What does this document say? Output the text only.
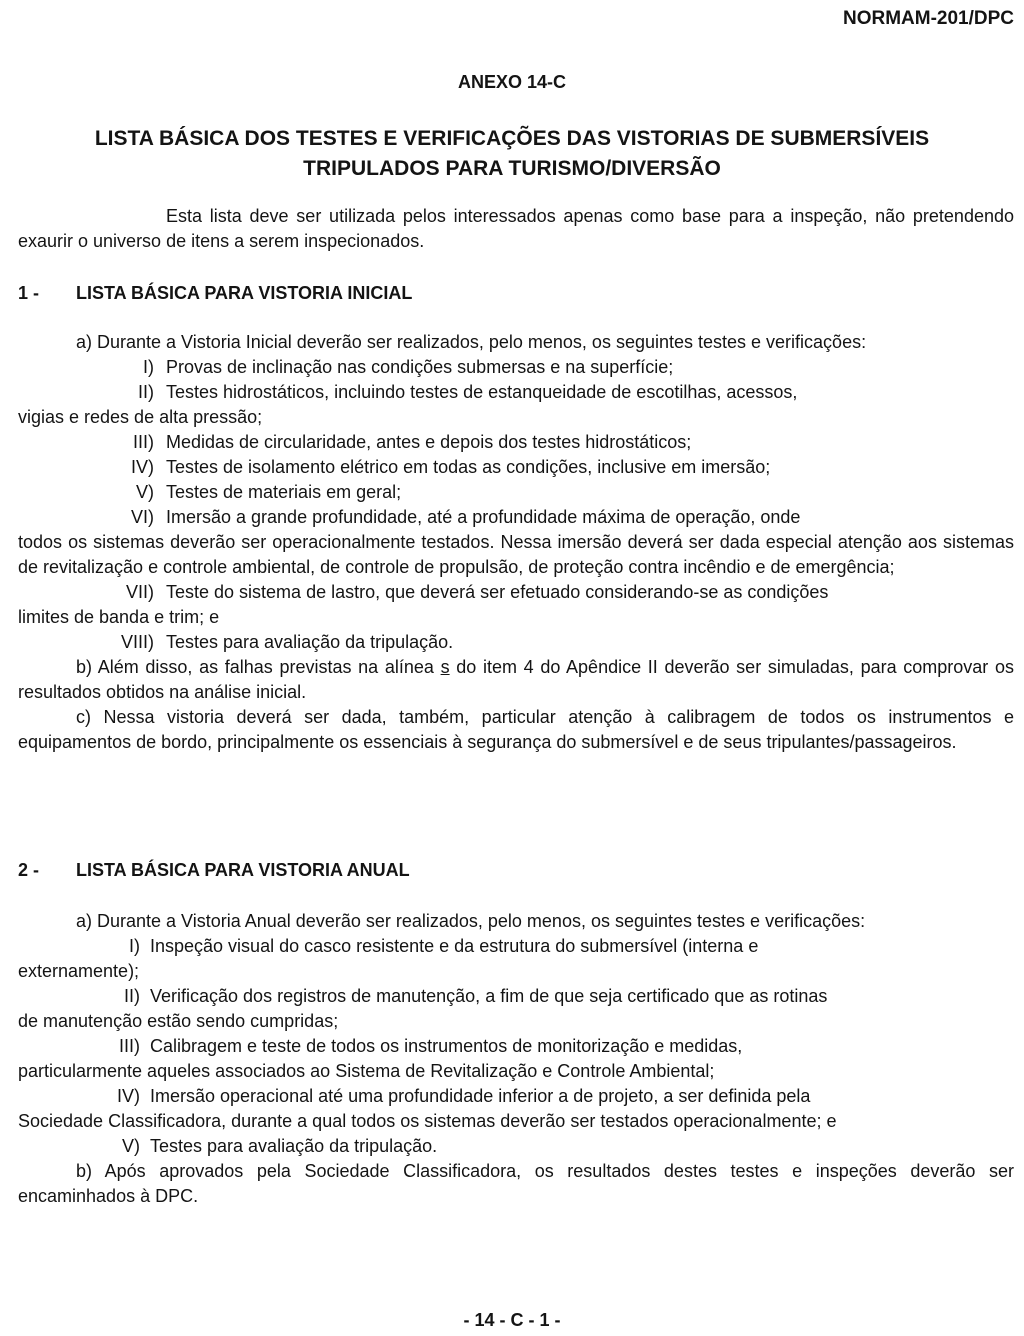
NORMAM-201/DPC
ANEXO 14-C
LISTA BÁSICA DOS TESTES E VERIFICAÇÕES DAS VISTORIAS DE SUBMERSÍVEIS
TRIPULADOS PARA TURISMO/DIVERSÃO

Esta lista deve ser utilizada pelos interessados apenas como base para a inspeção, não pretendendo exaurir o universo de itens a serem inspecionados.

1 - LISTA BÁSICA PARA VISTORIA INICIAL

a) Durante a Vistoria Inicial deverão ser realizados, pelo menos, os seguintes testes e verificações:

I) Provas de inclinação nas condições submersas e na superfície;
II) Testes hidrostáticos, incluindo testes de estanqueidade de escotilhas, acessos,

vigias e redes de alta pressão;

III) Medidas de circularidade, antes e depois dos testes hidrostáticos;
IV) Testes de isolamento elétrico em todas as condições, inclusive em imersão;
V) Testes de materiais em geral;
VI) Imersão a grande profundidade, até a profundidade máxima de operação, onde

todos os sistemas deverão ser operacionalmente testados. Nessa imersão deverá ser dada especial atenção aos sistemas de revitalização e controle ambiental, de controle de propulsão, de proteção contra incêndio e de emergência;

VII) Teste do sistema de lastro, que deverá ser efetuado considerando-se as condições

limites de banda e trim; e

VIII) Testes para avaliação da tripulação.

b) Além disso, as falhas previstas na alínea s do item 4 do Apêndice II deverão ser simuladas, para comprovar os resultados obtidos na análise inicial.

c) Nessa vistoria deverá ser dada, também, particular atenção à calibragem de todos os instrumentos e equipamentos de bordo, principalmente os essenciais à segurança do submersível e de seus tripulantes/passageiros.

2 - LISTA BÁSICA PARA VISTORIA ANUAL

a) Durante a Vistoria Anual deverão ser realizados, pelo menos, os seguintes testes e verificações:

I) Inspeção visual do casco resistente e da estrutura do submersível (interna e

externamente);

II) Verificação dos registros de manutenção, a fim de que seja certificado que as rotinas

de manutenção estão sendo cumpridas;

III) Calibragem e teste de todos os instrumentos de monitorização e medidas,

particularmente aqueles associados ao Sistema de Revitalização e Controle Ambiental;

IV) Imersão operacional até uma profundidade inferior a de projeto, a ser definida pela

Sociedade Classificadora, durante a qual todos os sistemas deverão ser testados operacionalmente; e

V) Testes para avaliação da tripulação.

b) Após aprovados pela Sociedade Classificadora, os resultados destes testes e inspeções deverão ser encaminhados à DPC.

- 14 - C - 1 -
